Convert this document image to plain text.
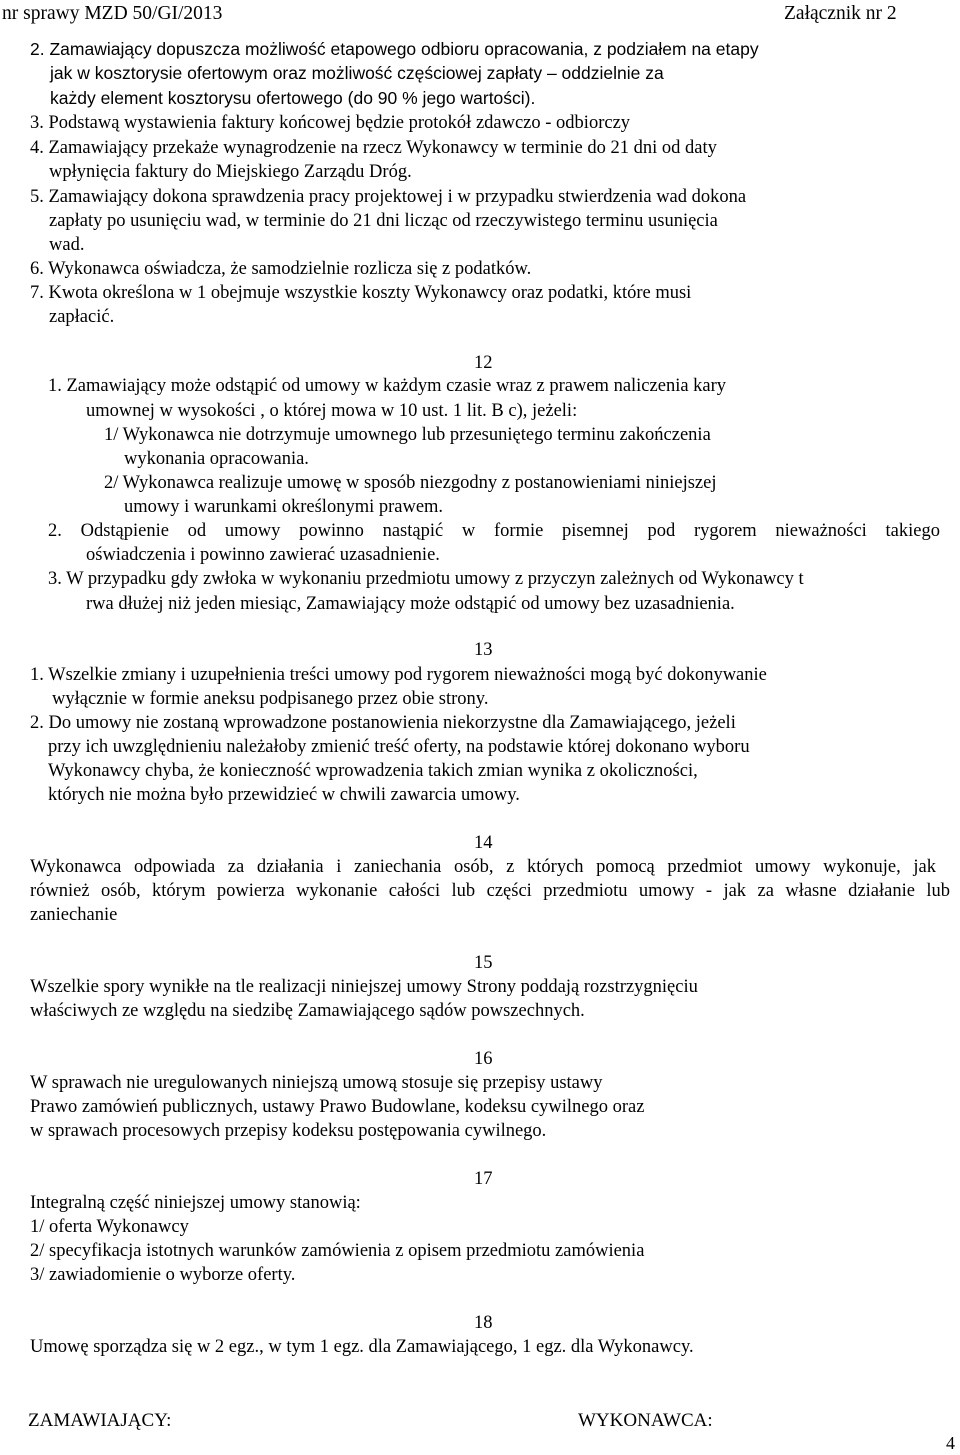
nr sprawy MZD 50/GI/2013	Załącznik nr 2
2. Zamawiający dopuszcza możliwość etapowego odbioru opracowania, z podziałem na etapy
jak w kosztorysie ofertowym oraz możliwość częściowej zapłaty – oddzielnie za
każdy element kosztorysu ofertowego (do 90 % jego wartości).
3. Podstawą wystawienia faktury końcowej będzie protokół zdawczo - odbiorczy
4. Zamawiający przekaże wynagrodzenie na rzecz Wykonawcy w terminie do 21 dni od daty
wpłynięcia faktury do Miejskiego Zarządu Dróg.
5. Zamawiający dokona sprawdzenia pracy projektowej i w przypadku stwierdzenia wad dokona
zapłaty po usunięciu wad, w terminie do 21 dni licząc od rzeczywistego terminu usunięcia
wad.
6. Wykonawca oświadcza, że samodzielnie rozlicza się z podatków.
7. Kwota określona w 1 obejmuje wszystkie koszty Wykonawcy oraz podatki, które musi
zapłacić.
12
1. Zamawiający może odstąpić od umowy w każdym czasie wraz z prawem naliczenia kary
umownej w wysokości , o której mowa w 10 ust. 1 lit. B c), jeżeli:
1/ Wykonawca nie dotrzymuje umownego lub przesuniętego terminu zakończenia
wykonania opracowania.
2/ Wykonawca realizuje umowę w sposób niezgodny z postanowieniami niniejszej
umowy i warunkami określonymi prawem.
2. Odstąpienie od umowy powinno nastąpić w formie pisemnej pod rygorem nieważności takiego
oświadczenia i powinno zawierać uzasadnienie.
3. W przypadku gdy zwłoka w wykonaniu przedmiotu umowy z przyczyn zależnych od Wykonawcy t
rwa dłużej niż jeden miesiąc, Zamawiający może odstąpić od umowy bez uzasadnienia.
13
1. Wszelkie zmiany i uzupełnienia treści umowy pod rygorem nieważności mogą być dokonywanie
wyłącznie w formie aneksu podpisanego przez obie strony.
2. Do umowy nie zostaną wprowadzone postanowienia niekorzystne dla Zamawiającego, jeżeli
przy ich uwzględnieniu należałoby zmienić treść oferty, na podstawie której dokonano wyboru
Wykonawcy chyba, że konieczność wprowadzenia takich zmian wynika z okoliczności,
których nie można było przewidzieć w chwili zawarcia umowy.
14
Wykonawca odpowiada za działania i zaniechania osób, z których pomocą przedmiot umowy wykonuje, jak
również osób, którym powierza wykonanie całości lub części przedmiotu umowy - jak za własne działanie lub
zaniechanie
15
Wszelkie spory wynikłe na tle realizacji niniejszej umowy Strony poddają rozstrzygnięciu
właściwych ze względu na siedzibę Zamawiającego sądów powszechnych.
16
W sprawach nie uregulowanych niniejszą umową stosuje się przepisy ustawy
Prawo zamówień publicznych, ustawy Prawo Budowlane, kodeksu cywilnego oraz
w sprawach procesowych przepisy kodeksu postępowania cywilnego.
17
Integralną część niniejszej umowy stanowią:
1/ oferta Wykonawcy
2/ specyfikacja istotnych warunków zamówienia z opisem przedmiotu zamówienia
3/ zawiadomienie o wyborze oferty.
18
Umowę sporządza się w 2 egz., w tym 1 egz. dla Zamawiającego, 1 egz. dla Wykonawcy.
ZAMAWIAJĄCY:	WYKONAWCA:
4
